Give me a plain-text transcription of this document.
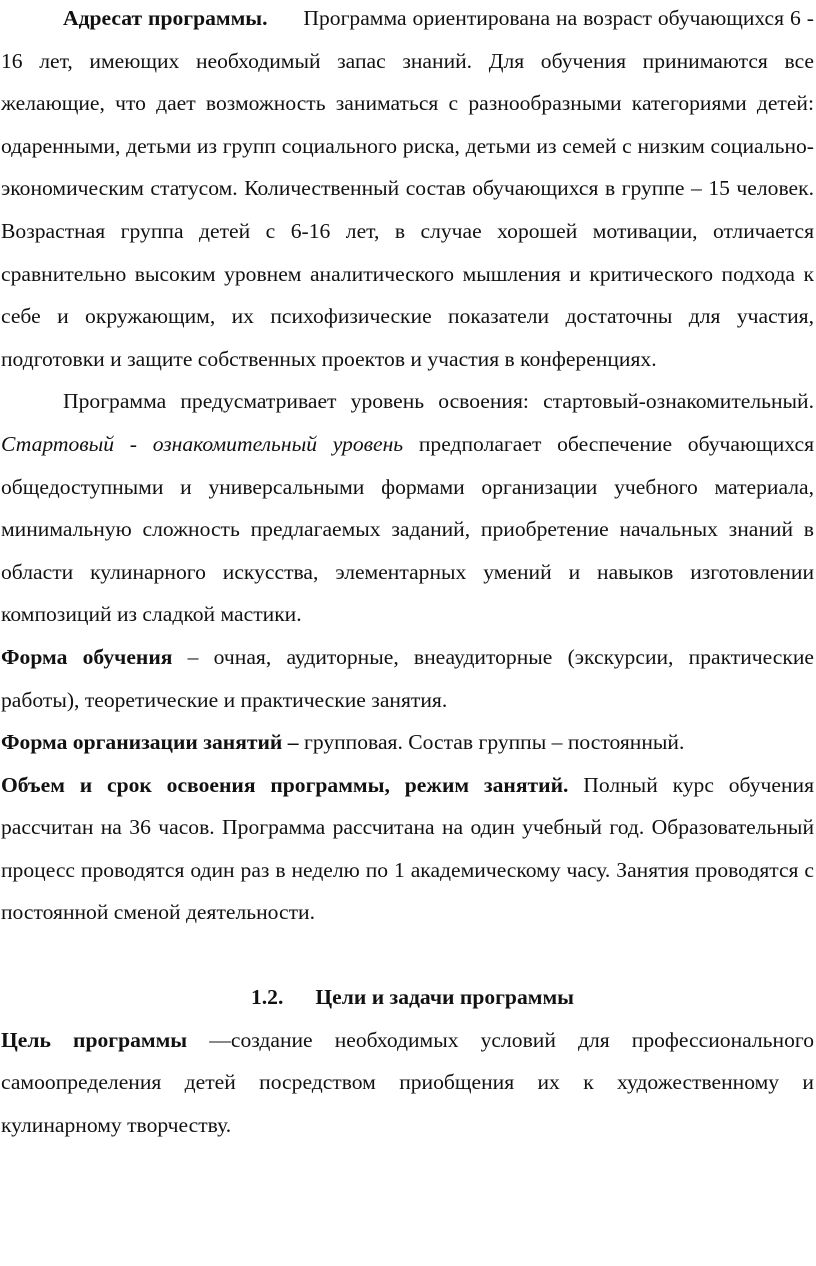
Адресат программы. Программа ориентирована на возраст обучающихся 6 - 16 лет, имеющих необходимый запас знаний. Для обучения принимаются все желающие, что дает возможность заниматься с разнообразными категориями детей: одаренными, детьми из групп социального риска, детьми из семей с низким социально-экономическим статусом. Количественный состав обучающихся в группе – 15 человек. Возрастная группа детей с 6-16 лет, в случае хорошей мотивации, отличается сравнительно высоким уровнем аналитического мышления и критического подхода к себе и окружающим, их психофизические показатели достаточны для участия, подготовки и защите собственных проектов и участия в конференциях.

Программа предусматривает уровень освоения: стартовый-ознакомительный. Стартовый - ознакомительный уровень предполагает обеспечение обучающихся общедоступными и универсальными формами организации учебного материала, минимальную сложность предлагаемых заданий, приобретение начальных знаний в области кулинарного искусства, элементарных умений и навыков изготовлении композиций из сладкой мастики.

Форма обучения – очная, аудиторные, внеаудиторные (экскурсии, практические работы), теоретические и практические занятия.

Форма организации занятий – групповая. Состав группы – постоянный.

Объем и срок освоения программы, режим занятий. Полный курс обучения рассчитан на 36 часов. Программа рассчитана на один учебный год. Образовательный процесс проводятся один раз в неделю по 1 академическому часу. Занятия проводятся с постоянной сменой деятельности.

1.2. Цели и задачи программы

Цель программы —создание необходимых условий для профессионального самоопределения детей посредством приобщения их к художественному и кулинарному творчеству.
